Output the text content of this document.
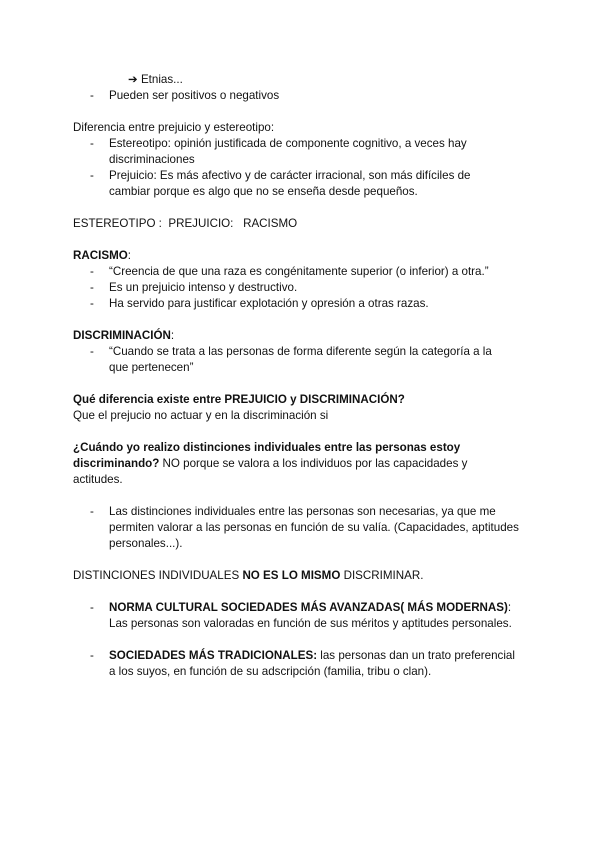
➔ Etnias...
- Pueden ser positivos o negativos
Diferencia entre prejuicio y estereotipo:
- Estereotipo: opinión justificada de componente cognitivo, a veces hay discriminaciones
- Prejuicio: Es más afectivo y de carácter irracional, son más difíciles de cambiar porque es algo que no se enseña desde pequeños.
ESTEREOTIPO :  PREJUICIO:   RACISMO
RACISMO:
- “Creencia de que una raza es congénitamente superior (o inferior) a otra.”
- Es un prejuicio intenso y destructivo.
- Ha servido para justificar explotación y opresión a otras razas.
DISCRIMINACIÓN:
- “Cuando se trata a las personas de forma diferente según la categoría a la que pertenecen”
Qué diferencia existe entre PREJUICIO y DISCRIMINACIÓN?
Que el prejucio no actuar y en la discriminación si
¿Cuándo yo realizo distinciones individuales entre las personas estoy discriminando? NO porque se valora a los individuos por las capacidades y actitudes.
- Las distinciones individuales entre las personas son necesarias, ya que me permiten valorar a las personas en función de su valía. (Capacidades, aptitudes personales...).
DISTINCIONES INDIVIDUALES NO ES LO MISMO DISCRIMINAR.
- NORMA CULTURAL SOCIEDADES MÁS AVANZADAS( MÁS MODERNAS): Las personas son valoradas en función de sus méritos y aptitudes personales.
- SOCIEDADES MÁS TRADICIONALES: las personas dan un trato preferencial a los suyos, en función de su adscripción (familia, tribu o clan).
